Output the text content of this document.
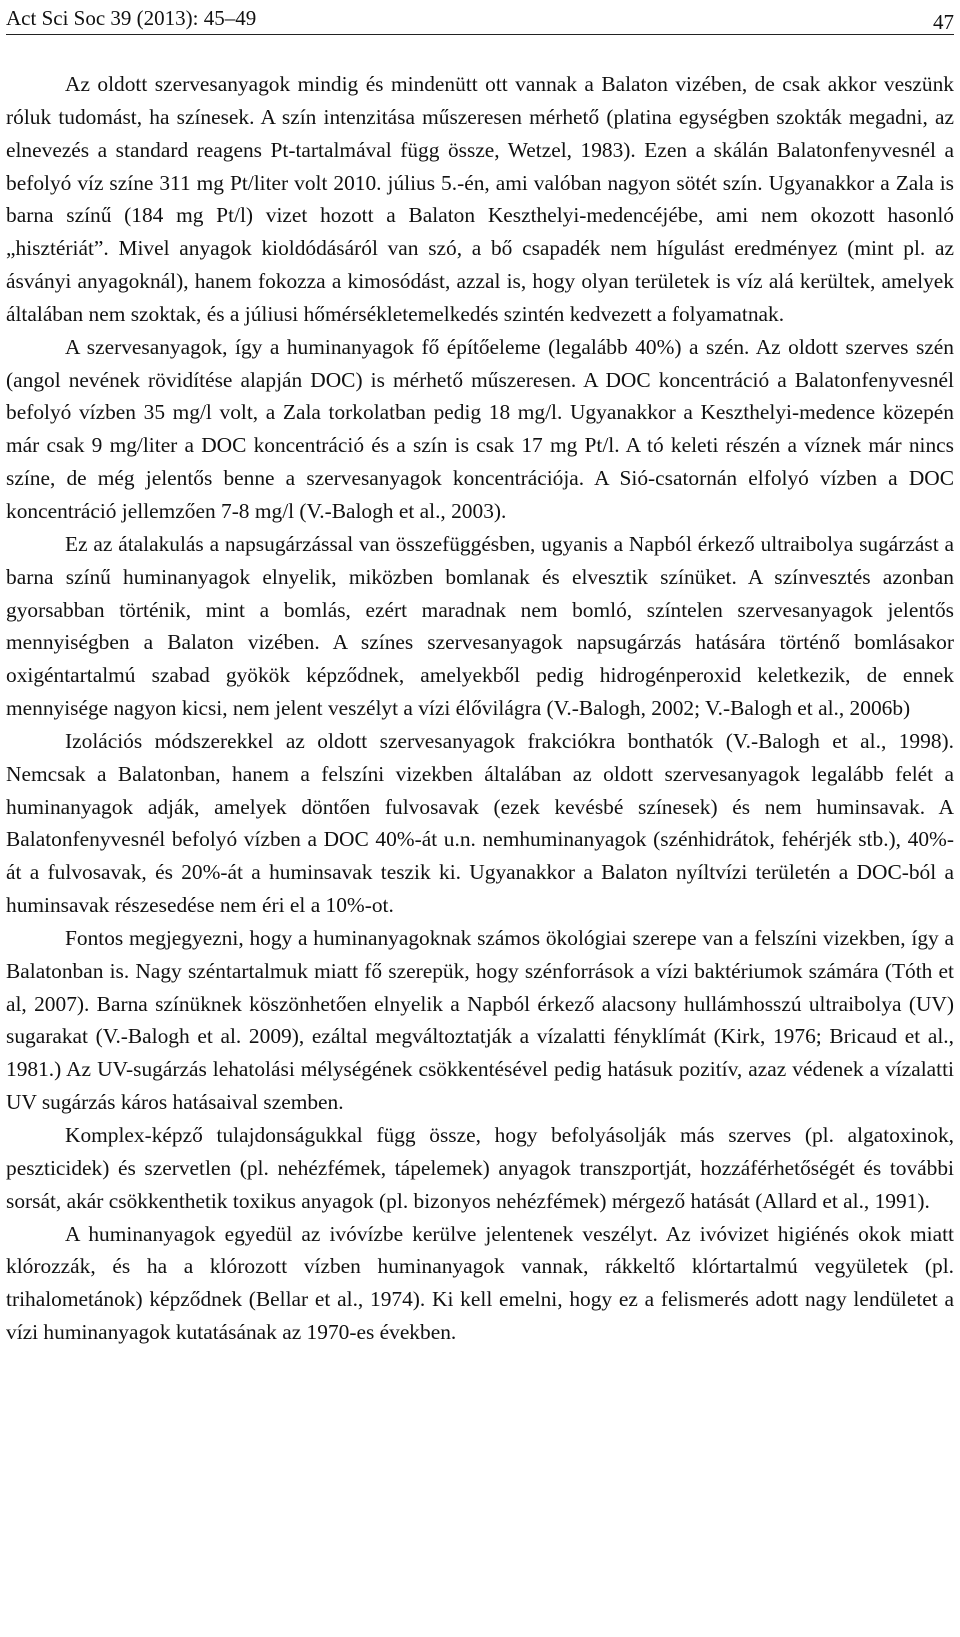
Act Sci Soc 39 (2013): 45–49	47

Az oldott szervesanyagok mindig és mindenütt ott vannak a Balaton vizében, de csak akkor veszünk róluk tudomást, ha színesek. A szín intenzitása műszeresen mérhető (platina egységben szokták megadni, az elnevezés a standard reagens Pt-tartalmával függ össze, Wetzel, 1983). Ezen a skálán Balatonfenyvesnél a befolyó víz színe 311 mg Pt/liter volt 2010. július 5.-én, ami valóban nagyon sötét szín. Ugyanakkor a Zala is barna színű (184 mg Pt/l) vizet hozott a Balaton Keszthelyi-medencéjébe, ami nem okozott hasonló „hisztériát”. Mivel anyagok kioldódásáról van szó, a bő csapadék nem hígulást eredményez (mint pl. az ásványi anyagoknál), hanem fokozza a kimosódást, azzal is, hogy olyan területek is víz alá kerültek, amelyek általában nem szoktak, és a júliusi hőmérsékletemelkedés szintén kedvezett a folyamatnak.

A szervesanyagok, így a huminanyagok fő építőeleme (legalább 40%) a szén. Az oldott szerves szén (angol nevének rövidítése alapján DOC) is mérhető műszeresen. A DOC koncentráció a Balatonfenyvesnél befolyó vízben 35 mg/l volt, a Zala torkolatban pedig 18 mg/l. Ugyanakkor a Keszthelyi-medence közepén már csak 9 mg/liter a DOC koncentráció és a szín is csak 17 mg Pt/l. A tó keleti részén a víznek már nincs színe, de még jelentős benne a szervesanyagok koncentrációja. A Sió-csatornán elfolyó vízben a DOC koncentráció jellemzően 7-8 mg/l (V.-Balogh et al., 2003).

Ez az átalakulás a napsugárzással van összefüggésben, ugyanis a Napból érkező ultraibolya sugárzást a barna színű huminanyagok elnyelik, miközben bomlanak és elvesztik színüket. A színvesztés azonban gyorsabban történik, mint a bomlás, ezért maradnak nem bomló, színtelen szervesanyagok jelentős mennyiségben a Balaton vizében. A színes szervesanyagok napsugárzás hatására történő bomlásakor oxigéntartalmú szabad gyökök képződnek, amelyekből pedig hidrogénperoxid keletkezik, de ennek mennyisége nagyon kicsi, nem jelent veszélyt a vízi élővilágra (V.-Balogh, 2002; V.-Balogh et al., 2006b)

Izolációs módszerekkel az oldott szervesanyagok frakciókra bonthatók (V.-Balogh et al., 1998). Nemcsak a Balatonban, hanem a felszíni vizekben általában az oldott szervesanyagok legalább felét a huminanyagok adják, amelyek döntően fulvosavak (ezek kevésbé színesek) és nem huminsavak. A Balatonfenyvesnél befolyó vízben a DOC 40%-át u.n. nemhuminanyagok (szénhidrátok, fehérjék stb.), 40%-át a fulvosavak, és 20%-át a huminsavak teszik ki. Ugyanakkor a Balaton nyíltvízi területén a DOC-ból a huminsavak részesedése nem éri el a 10%-ot.

Fontos megjegyezni, hogy a huminanyagoknak számos ökológiai szerepe van a felszíni vizekben, így a Balatonban is. Nagy széntartalmuk miatt fő szerepük, hogy szénforrások a vízi baktériumok számára (Tóth et al, 2007). Barna színüknek köszönhetően elnyelik a Napból érkező alacsony hullámhosszú ultraibolya (UV) sugarakat (V.-Balogh et al. 2009), ezáltal megváltoztatják a vízalatti fényklímát (Kirk, 1976; Bricaud et al., 1981.) Az UV-sugárzás lehatolási mélységének csökkentésével pedig hatásuk pozitív, azaz védenek a vízalatti UV sugárzás káros hatásaival szemben.

Komplex-képző tulajdonságukkal függ össze, hogy befolyásolják más szerves (pl. algatoxinok, peszticidek) és szervetlen (pl. nehézfémek, tápelemek) anyagok transzportját, hozzáférhetőségét és további sorsát, akár csökkenthetik toxikus anyagok (pl. bizonyos nehézfémek) mérgező hatását (Allard et al., 1991).

A huminanyagok egyedül az ivóvízbe kerülve jelentenek veszélyt. Az ivóvizet higiénés okok miatt klórozzák, és ha a klórozott vízben huminanyagok vannak, rákkeltő klórtartalmú vegyületek (pl. trihalometánok) képződnek (Bellar et al., 1974). Ki kell emelni, hogy ez a felismerés adott nagy lendületet a vízi huminanyagok kutatásának az 1970-es években.
